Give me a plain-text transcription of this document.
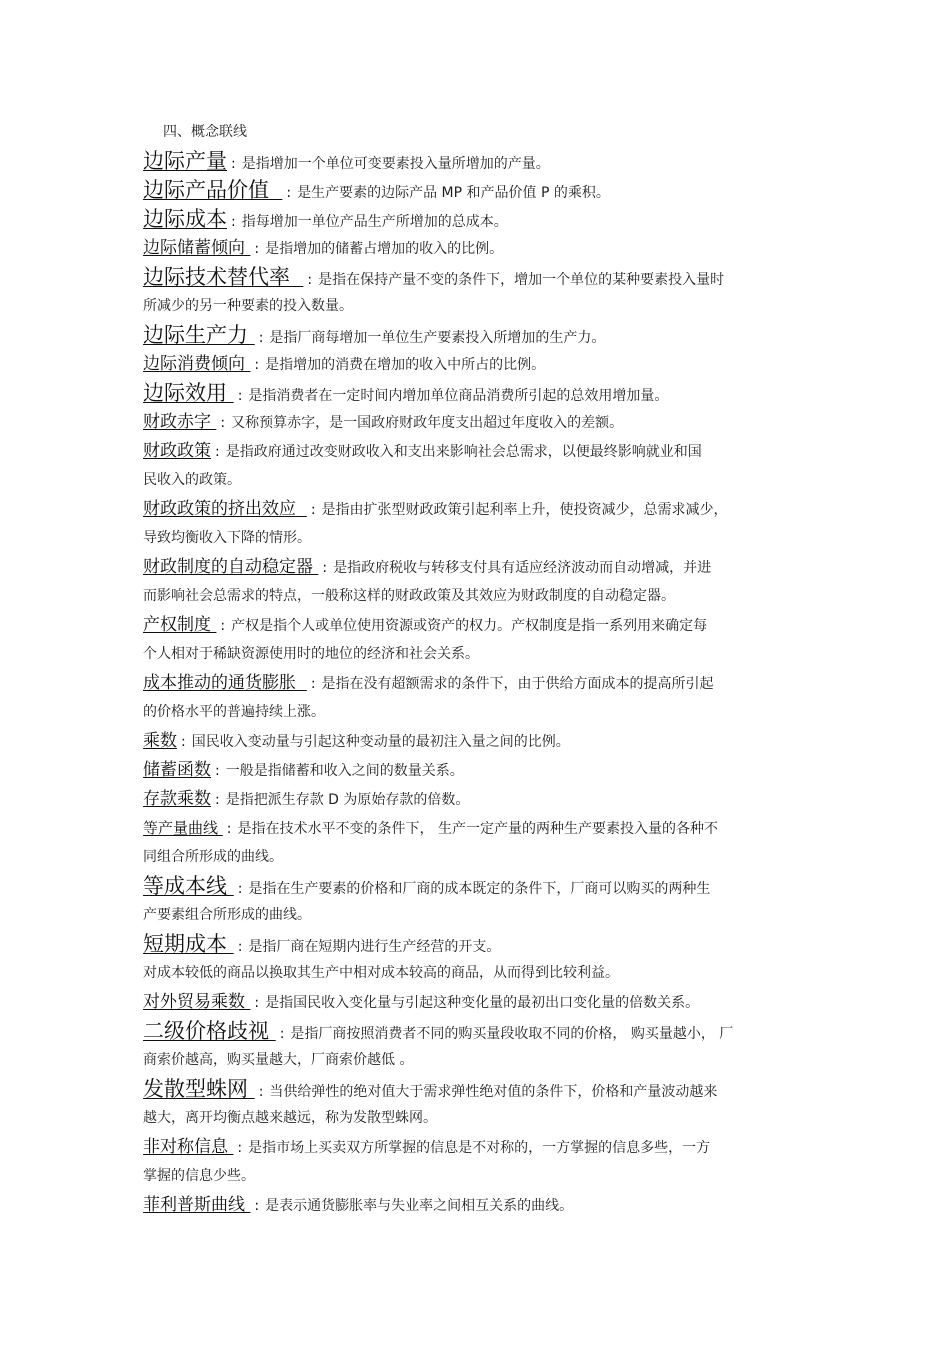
四、概念联线
边际产量 : 是指增加一个单位可变要素投入量所增加的产量。
边际产品价值  : 是生产要素的边际产品 MP 和产品价值 P 的乘积。
边际成本 : 指每增加一单位产品生产所增加的总成本。
边际储蓄倾向 : 是指增加的储蓄占增加的收入的比例。
边际技术替代率  : 是指在保持产量不变的条件下，增加一个单位的某种要素投入量时
所减少的另一种要素的投入数量。
边际生产力 : 是指厂商每增加一单位生产要素投入所增加的生产力。
边际消费倾向 : 是指增加的消费在增加的收入中所占的比例。
边际效用 : 是指消费者在一定时间内增加单位商品消费所引起的总效用增加量。
财政赤字 : 又称预算赤字，是一国政府财政年度支出超过年度收入的差额。
财政政策 : 是指政府通过改变财政收入和支出来影响社会总需求，以便最终影响就业和国
民收入的政策。
财政政策的挤出效应  : 是指由扩张型财政政策引起利率上升，使投资减少，总需求减少，
导致均衡收入下降的情形。
财政制度的自动稳定器 : 是指政府税收与转移支付具有适应经济波动而自动增减，并进
而影响社会总需求的特点，一般称这样的财政政策及其效应为财政制度的自动稳定器。
产权制度 : 产权是指个人或单位使用资源或资产的权力。产权制度是指一系列用来确定每
个人相对于稀缺资源使用时的地位的经济和社会关系。
成本推动的通货膨胀  : 是指在没有超额需求的条件下，由于供给方面成本的提高所引起
的价格水平的普遍持续上涨。
乘数 : 国民收入变动量与引起这种变动量的最初注入量之间的比例。
储蓄函数 : 一般是指储蓄和收入之间的数量关系。
存款乘数 : 是指把派生存款 D 为原始存款的倍数。
等产量曲线 : 是指在技术水平不变的条件下， 生产一定产量的两种生产要素投入量的各种不
同组合所形成的曲线。
等成本线 : 是指在生产要素的价格和厂商的成本既定的条件下，厂商可以购买的两种生
产要素组合所形成的曲线。
短期成本 : 是指厂商在短期内进行生产经营的开支。
对成本较低的商品以换取其生产中相对成本较高的商品，从而得到比较利益。
对外贸易乘数 : 是指国民收入变化量与引起这种变化量的最初出口变化量的倍数关系。
二级价格歧视 : 是指厂商按照消费者不同的购买量段收取不同的价格， 购买量越小， 厂
商索价越高，购买量越大，厂商索价越低 。
发散型蛛网 : 当供给弹性的绝对值大于需求弹性绝对值的条件下，价格和产量波动越来
越大，离开均衡点越来越远，称为发散型蛛网。
非对称信息 : 是指市场上买卖双方所掌握的信息是不对称的，一方掌握的信息多些，一方
掌握的信息少些。
菲利普斯曲线 : 是表示通货膨胀率与失业率之间相互关系的曲线。
